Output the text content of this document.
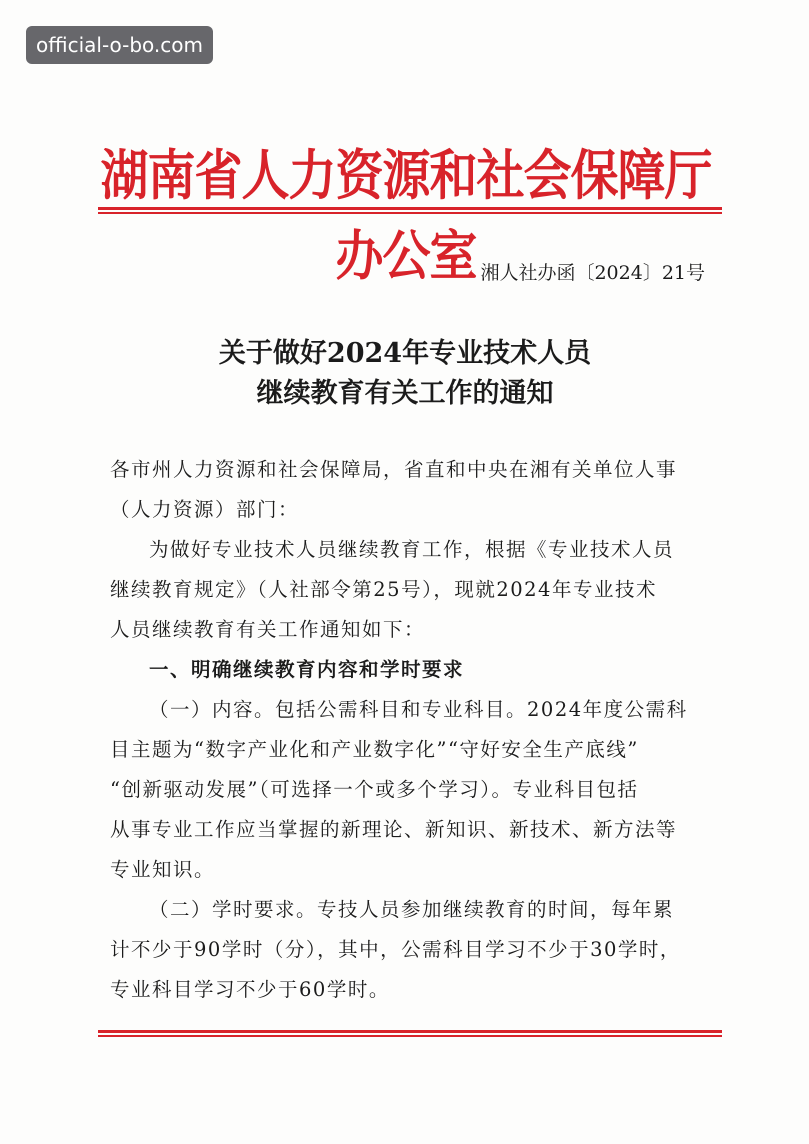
official-o-bo.com
湖南省人力资源和社会保障厅办公室 湘人社办函〔2024〕21号
关于做好2024年专业技术人员
继续教育有关工作的通知
各市州人力资源和社会保障局，省直和中央在湘有关单位人事
（人力资源）部门：
为做好专业技术人员继续教育工作，根据《专业技术人员
继续教育规定》（人社部令第25号），现就2024年专业技术
人员继续教育有关工作通知如下：
一、明确继续教育内容和学时要求
（一）内容。包括公需科目和专业科目。2024年度公需科
目主题为“数字产业化和产业数字化”“守好安全生产底线”
“创新驱动发展”（可选择一个或多个学习）。专业科目包括
从事专业工作应当掌握的新理论、新知识、新技术、新方法等
专业知识。
（二）学时要求。专技人员参加继续教育的时间，每年累
计不少于90学时（分），其中，公需科目学习不少于30学时，
专业科目学习不少于60学时。
